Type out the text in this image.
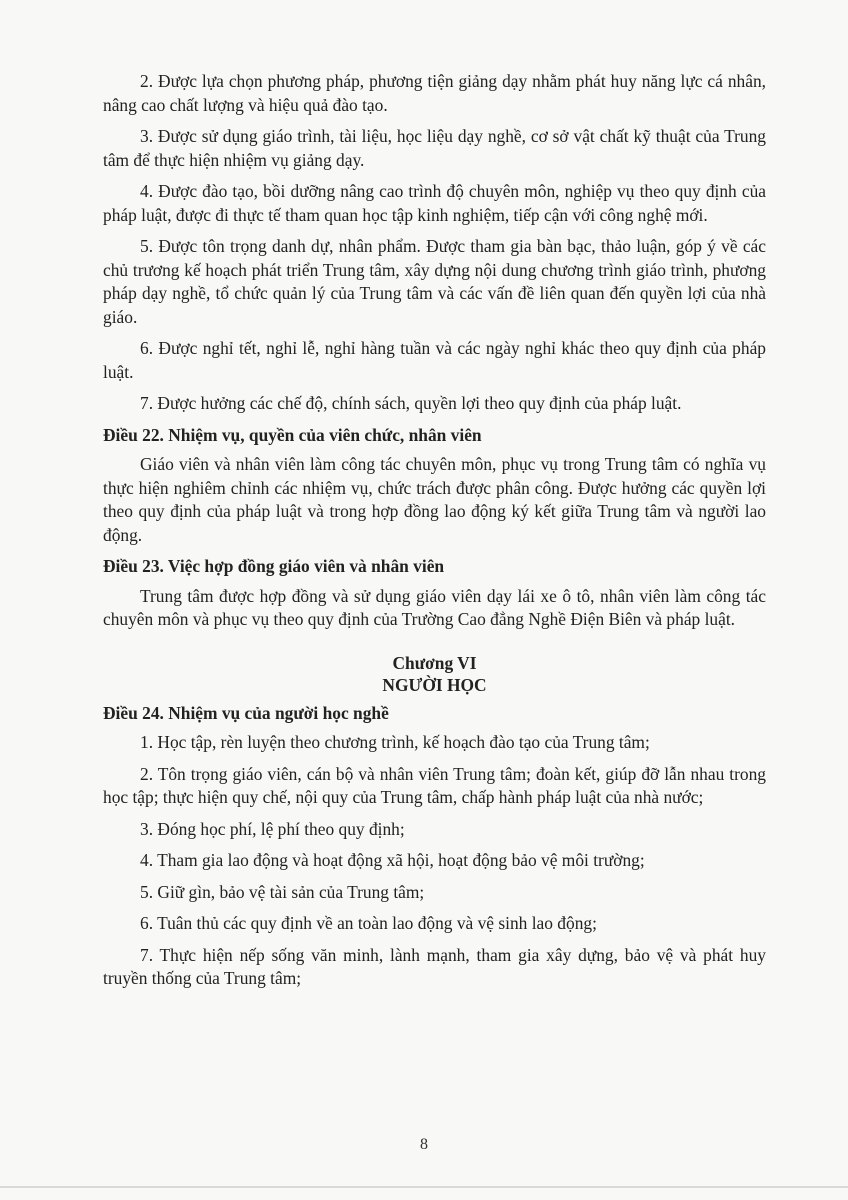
2. Được lựa chọn phương pháp, phương tiện giảng dạy nhằm phát huy năng lực cá nhân, nâng cao chất lượng và hiệu quả đào tạo.

3. Được sử dụng giáo trình, tài liệu, học liệu dạy nghề, cơ sở vật chất kỹ thuật của Trung tâm để thực hiện nhiệm vụ giảng dạy.

4. Được đào tạo, bồi dưỡng nâng cao trình độ chuyên môn, nghiệp vụ theo quy định của pháp luật, được đi thực tế tham quan học tập kinh nghiệm, tiếp cận với công nghệ mới.

5. Được tôn trọng danh dự, nhân phẩm. Được tham gia bàn bạc, thảo luận, góp ý về các chủ trương kế hoạch phát triển Trung tâm, xây dựng nội dung chương trình giáo trình, phương pháp dạy nghề, tổ chức quản lý của Trung tâm và các vấn đề liên quan đến quyền lợi của nhà giáo.

6. Được nghỉ tết, nghỉ lễ, nghỉ hàng tuần và các ngày nghỉ khác theo quy định của pháp luật.

7. Được hưởng các chế độ, chính sách, quyền lợi theo quy định của pháp luật.

Điều 22. Nhiệm vụ, quyền của viên chức, nhân viên

Giáo viên và nhân viên làm công tác chuyên môn, phục vụ trong Trung tâm có nghĩa vụ thực hiện nghiêm chỉnh các nhiệm vụ, chức trách được phân công. Được hưởng các quyền lợi theo quy định của pháp luật và trong hợp đồng lao động ký kết giữa Trung tâm và người lao động.

Điều 23. Việc hợp đồng giáo viên và nhân viên

Trung tâm được hợp đồng và sử dụng giáo viên dạy lái xe ô tô, nhân viên làm công tác chuyên môn và phục vụ theo quy định của Trường Cao đẳng Nghề Điện Biên và pháp luật.

Chương VI
NGƯỜI HỌC

Điều 24. Nhiệm vụ của người học nghề

1. Học tập, rèn luyện theo chương trình, kế hoạch đào tạo của Trung tâm;

2. Tôn trọng giáo viên, cán bộ và nhân viên Trung tâm; đoàn kết, giúp đỡ lẫn nhau trong học tập; thực hiện quy chế, nội quy của Trung tâm, chấp hành pháp luật của nhà nước;

3. Đóng học phí, lệ phí theo quy định;

4. Tham gia lao động và hoạt động xã hội, hoạt động bảo vệ môi trường;

5. Giữ gìn, bảo vệ tài sản của Trung tâm;

6. Tuân thủ các quy định về an toàn lao động và vệ sinh lao động;

7. Thực hiện nếp sống văn minh, lành mạnh, tham gia xây dựng, bảo vệ và phát huy truyền thống của Trung tâm;

8
